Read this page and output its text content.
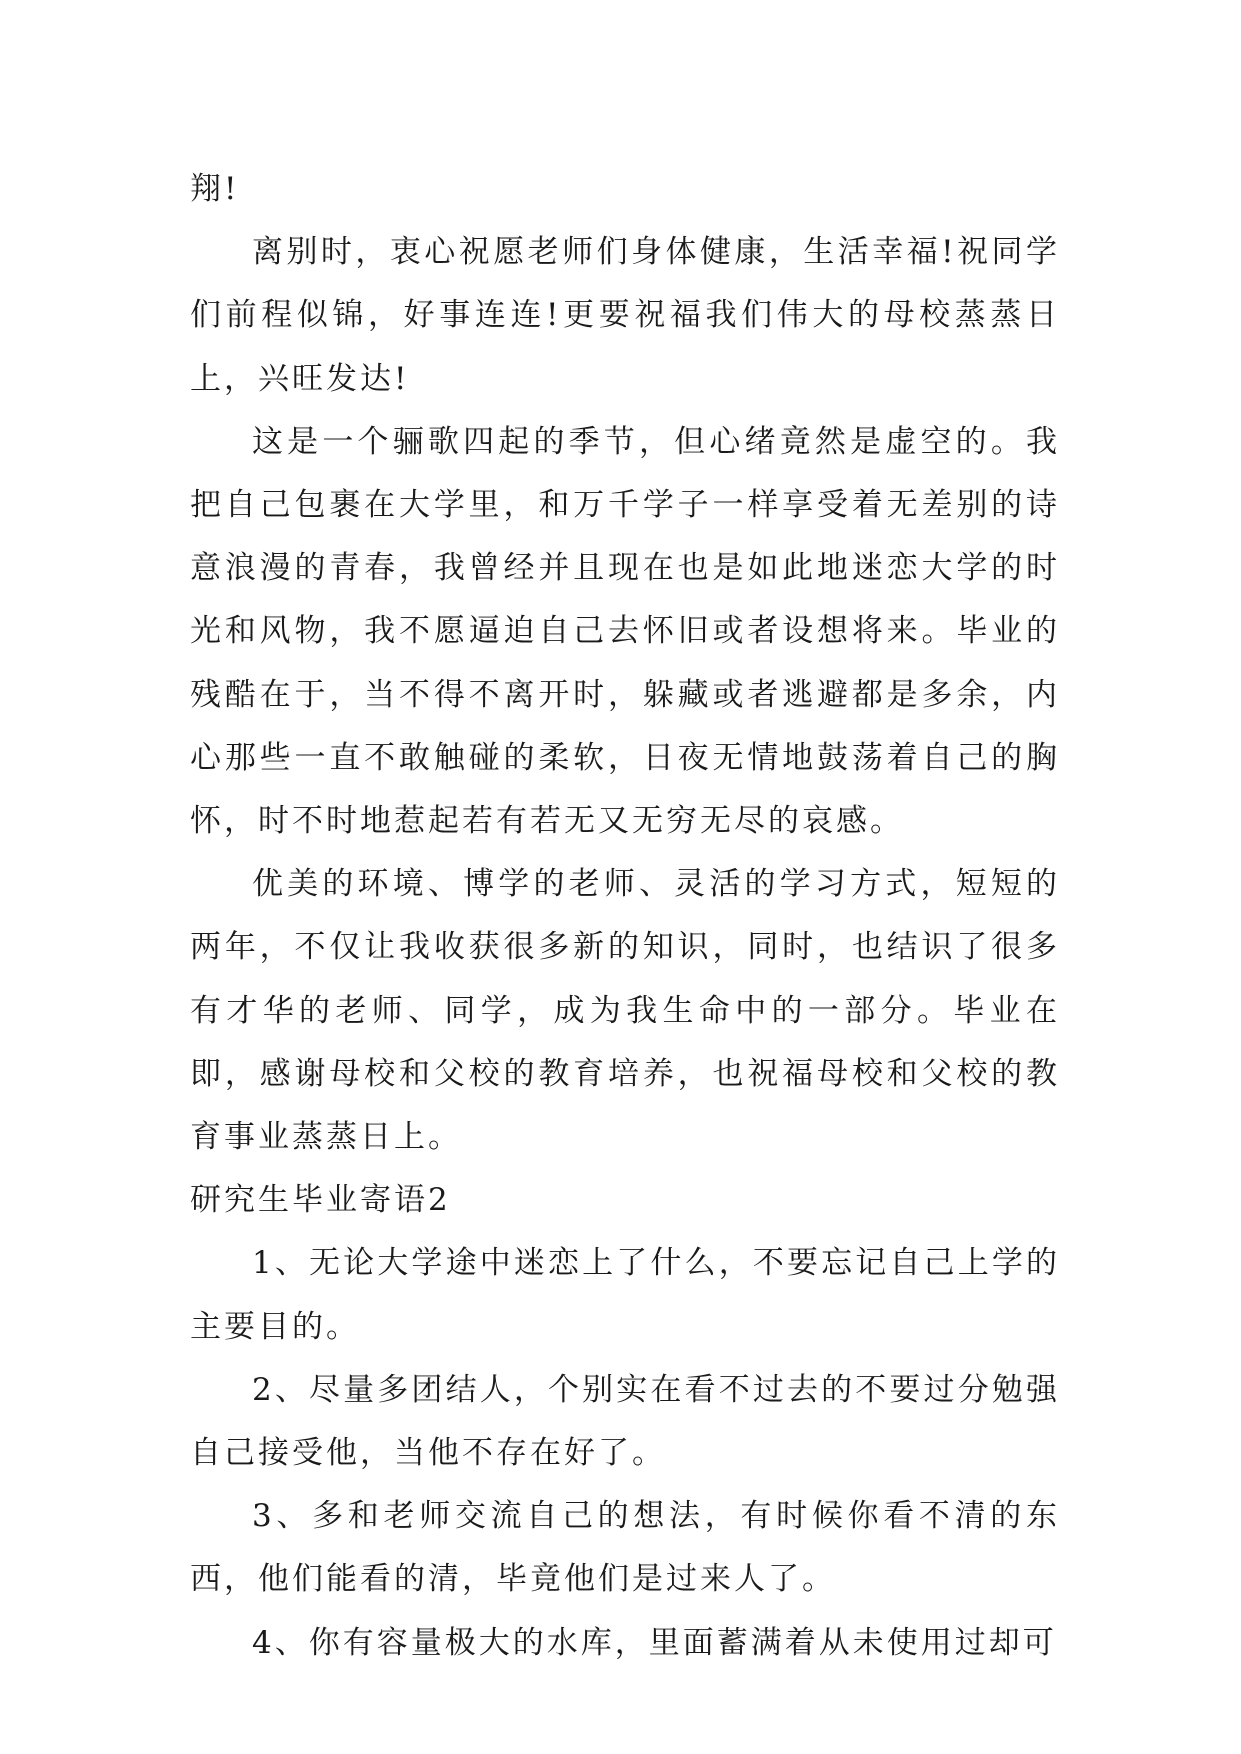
翔!

离别时，衷心祝愿老师们身体健康，生活幸福!祝同学们前程似锦，好事连连!更要祝福我们伟大的母校蒸蒸日上，兴旺发达!

这是一个骊歌四起的季节，但心绪竟然是虚空的。我把自己包裹在大学里，和万千学子一样享受着无差别的诗意浪漫的青春，我曾经并且现在也是如此地迷恋大学的时光和风物，我不愿逼迫自己去怀旧或者设想将来。毕业的残酷在于，当不得不离开时，躲藏或者逃避都是多余，内心那些一直不敢触碰的柔软，日夜无情地鼓荡着自己的胸怀，时不时地惹起若有若无又无穷无尽的哀感。

优美的环境、博学的老师、灵活的学习方式，短短的两年，不仅让我收获很多新的知识，同时，也结识了很多有才华的老师、同学，成为我生命中的一部分。毕业在即，感谢母校和父校的教育培养，也祝福母校和父校的教育事业蒸蒸日上。

研究生毕业寄语2

1、无论大学途中迷恋上了什么，不要忘记自己上学的主要目的。

2、尽量多团结人，个别实在看不过去的不要过分勉强自己接受他，当他不存在好了。

3、多和老师交流自己的想法，有时候你看不清的东西，他们能看的清，毕竟他们是过来人了。

4、你有容量极大的水库，里面蓄满着从未使用过却可
